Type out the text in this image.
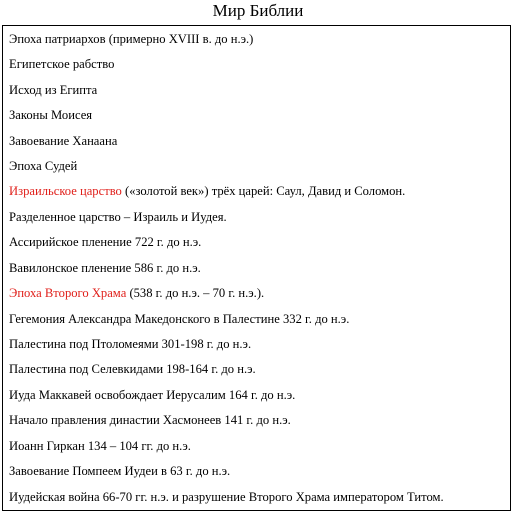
Мир Библии
Эпоха патриархов (примерно XVIII в. до н.э.)
Египетское рабство
Исход из Египта
Законы Моисея
Завоевание Ханаана
Эпоха Судей
Израильское царство («золотой век») трёх царей: Саул, Давид и Соломон.
Разделенное царство – Израиль и Иудея.
Ассирийское пленение 722 г. до н.э.
Вавилонское пленение 586 г. до н.э.
Эпоха Второго Храма (538 г. до н.э. – 70 г. н.э.).
Гегемония Александра Македонского в Палестине 332 г. до н.э.
Палестина под Птоломеями 301-198 г. до н.э.
Палестина под Селевкидами 198-164 г. до н.э.
Иуда Маккавей освобождает Иерусалим 164 г. до н.э.
Начало правления династии Хасмонеев 141 г. до н.э.
Иоанн Гиркан 134 – 104 гг. до н.э.
Завоевание Помпеем Иудеи в 63 г. до н.э.
Иудейская война 66-70 гг. н.э. и разрушение Второго Храма императором Титом.
